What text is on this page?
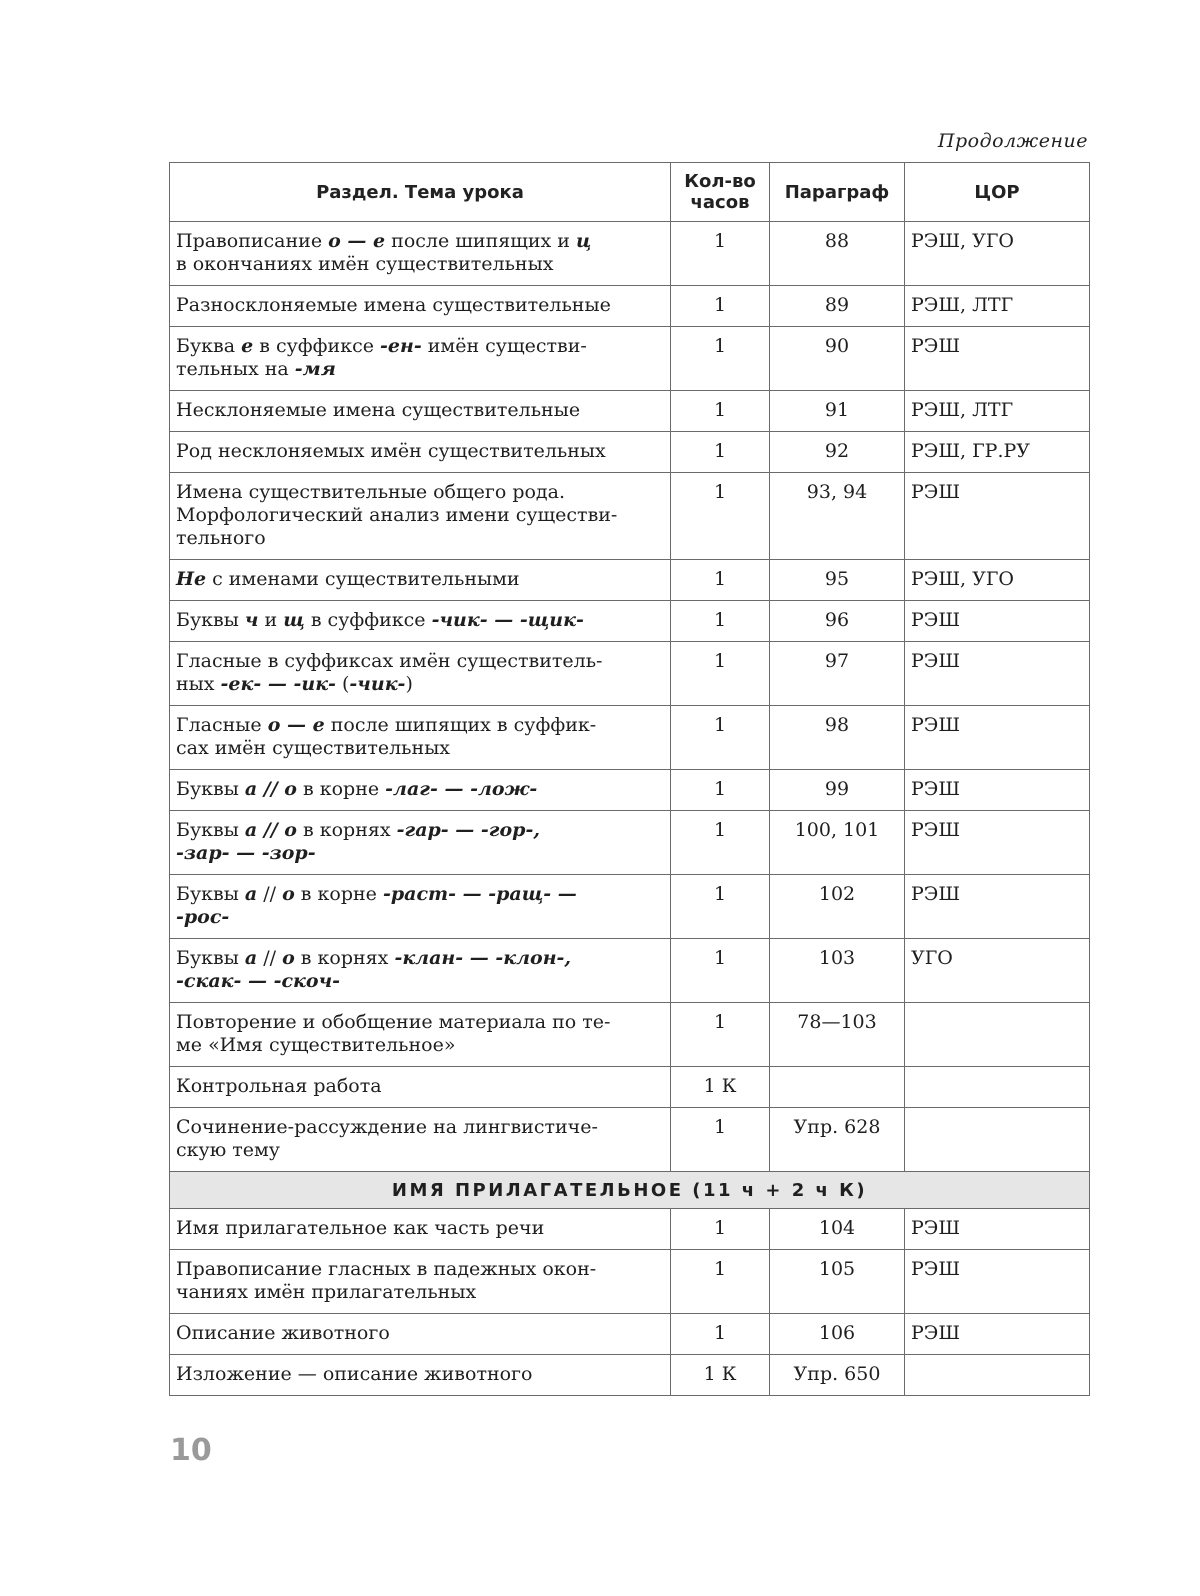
Продолжение
Раздел. Тема урока	Кол-во часов	Параграф	ЦОР
Правописание о — е после шипящих и ц
в окончаниях имён существительных	1	88	РЭШ, УГО
Разносклоняемые имена существительные	1	89	РЭШ, ЛТГ
Буква е в суффиксе -ен- имён существи-
тельных на -мя	1	90	РЭШ
Несклоняемые имена существительные	1	91	РЭШ, ЛТГ
Род несклоняемых имён существительных	1	92	РЭШ, ГР.РУ
Имена существительные общего рода.
Морфологический анализ имени существи-
тельного	1	93, 94	РЭШ
Не с именами существительными	1	95	РЭШ, УГО
Буквы ч и щ в суффиксе -чик- — -щик-	1	96	РЭШ
Гласные в суффиксах имён существитель-
ных -ек- — -ик- (-чик-)	1	97	РЭШ
Гласные о — е после шипящих в суффик-
сах имён существительных	1	98	РЭШ
Буквы а // о в корне -лаг- — -лож-	1	99	РЭШ
Буквы а // о в корнях -гар- — -гор-,
-зар- — -зор-	1	100, 101	РЭШ
Буквы а // о в корне -раст- — -ращ- —
-рос-	1	102	РЭШ
Буквы а // о в корнях -клан- — -клон-,
-скак- — -скоч-	1	103	УГО
Повторение и обобщение материала по те-
ме «Имя существительное»	1	78—103	
Контрольная работа	1 К		
Сочинение-рассуждение на лингвистиче-
скую тему	1	Упр. 628	
ИМЯ ПРИЛАГАТЕЛЬНОЕ (11 ч + 2 ч К)			
Имя прилагательное как часть речи	1	104	РЭШ
Правописание гласных в падежных окон-
чаниях имён прилагательных	1	105	РЭШ
Описание животного	1	106	РЭШ
Изложение — описание животного	1 К	Упр. 650	
10
